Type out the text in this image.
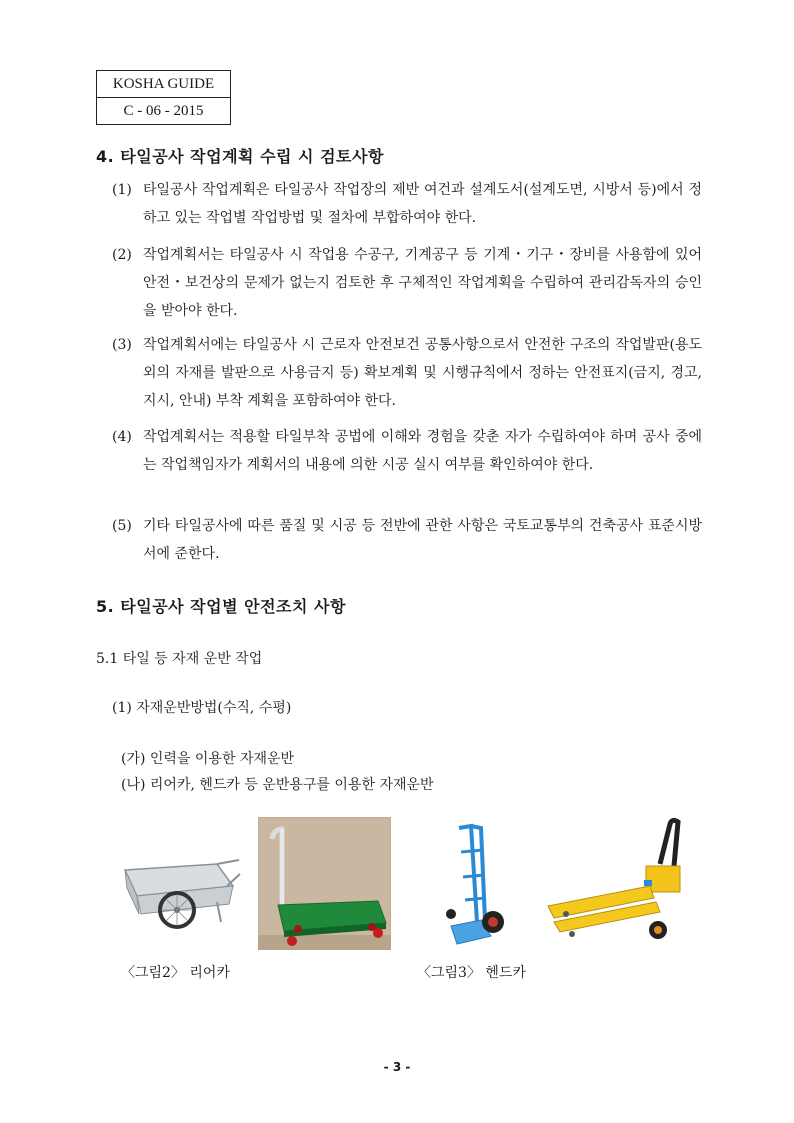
KOSHA GUIDE
C - 06 - 2015
4. 타일공사 작업계획 수립 시 검토사항
(1) 타일공사 작업계획은 타일공사 작업장의 제반 여건과 설계도서(설계도면, 시방서 등)에서 정하고 있는 작업별 작업방법 및 절차에 부합하여야 한다.
(2) 작업계획서는 타일공사 시 작업용 수공구, 기계공구 등 기계・기구・장비를 사용함에 있어 안전・보건상의 문제가 없는지 검토한 후 구체적인 작업계획을 수립하여 관리감독자의 승인을 받아야 한다.
(3) 작업계획서에는 타일공사 시 근로자 안전보건 공통사항으로서 안전한 구조의 작업발판(용도외의 자재를 발판으로 사용금지 등) 확보계획 및 시행규칙에서 정하는 안전표지(금지, 경고, 지시, 안내) 부착 계획을 포함하여야 한다.
(4) 작업계획서는 적용할 타일부착 공법에 이해와 경험을 갖춘 자가 수립하여야 하며 공사 중에는 작업책임자가 계획서의 내용에 의한 시공 실시 여부를 확인하여야 한다.
(5) 기타 타일공사에 따른 품질 및 시공 등 전반에 관한 사항은 국토교통부의 건축공사 표준시방서에 준한다.
5. 타일공사 작업별 안전조치 사항
5.1 타일 등 자재 운반 작업
(1) 자재운반방법(수직, 수평)
(가) 인력을 이용한 자재운반
(나) 리어카, 헨드카 등 운반용구를 이용한 자재운반
〈그림2〉 리어카	〈그림3〉 헨드카
- 3 -
